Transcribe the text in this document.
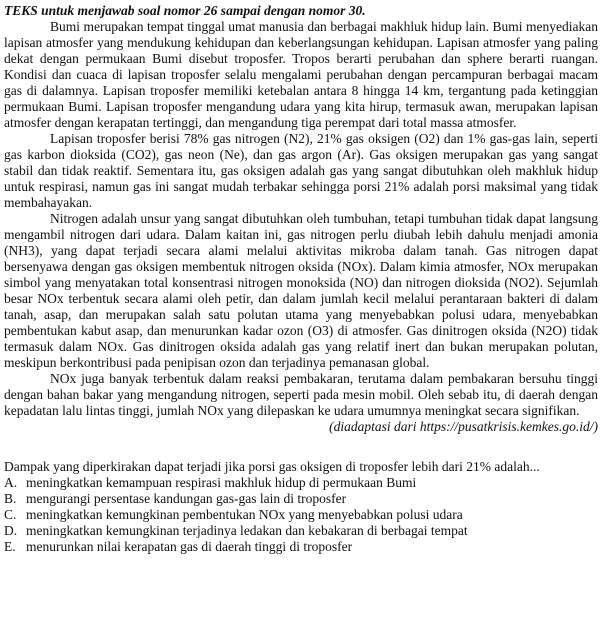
TEKS untuk menjawab soal nomor 26 sampai dengan nomor 30.

Bumi merupakan tempat tinggal umat manusia dan berbagai makhluk hidup lain. Bumi menyediakan lapisan atmosfer yang mendukung kehidupan dan keberlangsungan kehidupan. Lapisan atmosfer yang paling dekat dengan permukaan Bumi disebut troposfer. Tropos berarti perubahan dan sphere berarti ruangan. Kondisi dan cuaca di lapisan troposfer selalu mengalami perubahan dengan percampuran berbagai macam gas di dalamnya. Lapisan troposfer memiliki ketebalan antara 8 hingga 14 km, tergantung pada ketinggian permukaan Bumi. Lapisan troposfer mengandung udara yang kita hirup, termasuk awan, merupakan lapisan atmosfer dengan kerapatan tertinggi, dan mengandung tiga perempat dari total massa atmosfer.

Lapisan troposfer berisi 78% gas nitrogen (N2), 21% gas oksigen (O2) dan 1% gas-gas lain, seperti gas karbon dioksida (CO2), gas neon (Ne), dan gas argon (Ar). Gas oksigen merupakan gas yang sangat stabil dan tidak reaktif. Sementara itu, gas oksigen adalah gas yang sangat dibutuhkan oleh makhluk hidup untuk respirasi, namun gas ini sangat mudah terbakar sehingga porsi 21% adalah porsi maksimal yang tidak membahayakan.

Nitrogen adalah unsur yang sangat dibutuhkan oleh tumbuhan, tetapi tumbuhan tidak dapat langsung mengambil nitrogen dari udara. Dalam kaitan ini, gas nitrogen perlu diubah lebih dahulu menjadi amonia (NH3), yang dapat terjadi secara alami melalui aktivitas mikroba dalam tanah. Gas nitrogen dapat bersenyawa dengan gas oksigen membentuk nitrogen oksida (NOx). Dalam kimia atmosfer, NOx merupakan simbol yang menyatakan total konsentrasi nitrogen monoksida (NO) dan nitrogen dioksida (NO2). Sejumlah besar NOx terbentuk secara alami oleh petir, dan dalam jumlah kecil melalui perantaraan bakteri di dalam tanah, asap, dan merupakan salah satu polutan utama yang menyebabkan polusi udara, menyebabkan pembentukan kabut asap, dan menurunkan kadar ozon (O3) di atmosfer. Gas dinitrogen oksida (N2O) tidak termasuk dalam NOx. Gas dinitrogen oksida adalah gas yang relatif inert dan bukan merupakan polutan, meskipun berkontribusi pada penipisan ozon dan terjadinya pemanasan global.

NOx juga banyak terbentuk dalam reaksi pembakaran, terutama dalam pembakaran bersuhu tinggi dengan bahan bakar yang mengandung nitrogen, seperti pada mesin mobil. Oleh sebab itu, di daerah dengan kepadatan lalu lintas tinggi, jumlah NOx yang dilepaskan ke udara umumnya meningkat secara signifikan.

(diadaptasi dari https://pusatkrisis.kemkes.go.id/)

Dampak yang diperkirakan dapat terjadi jika porsi gas oksigen di troposfer lebih dari 21% adalah...

A. meningkatkan kemampuan respirasi makhluk hidup di permukaan Bumi
B. mengurangi persentase kandungan gas-gas lain di troposfer
C. meningkatkan kemungkinan pembentukan NOx yang menyebabkan polusi udara
D. meningkatkan kemungkinan terjadinya ledakan dan kebakaran di berbagai tempat
E. menurunkan nilai kerapatan gas di daerah tinggi di troposfer
